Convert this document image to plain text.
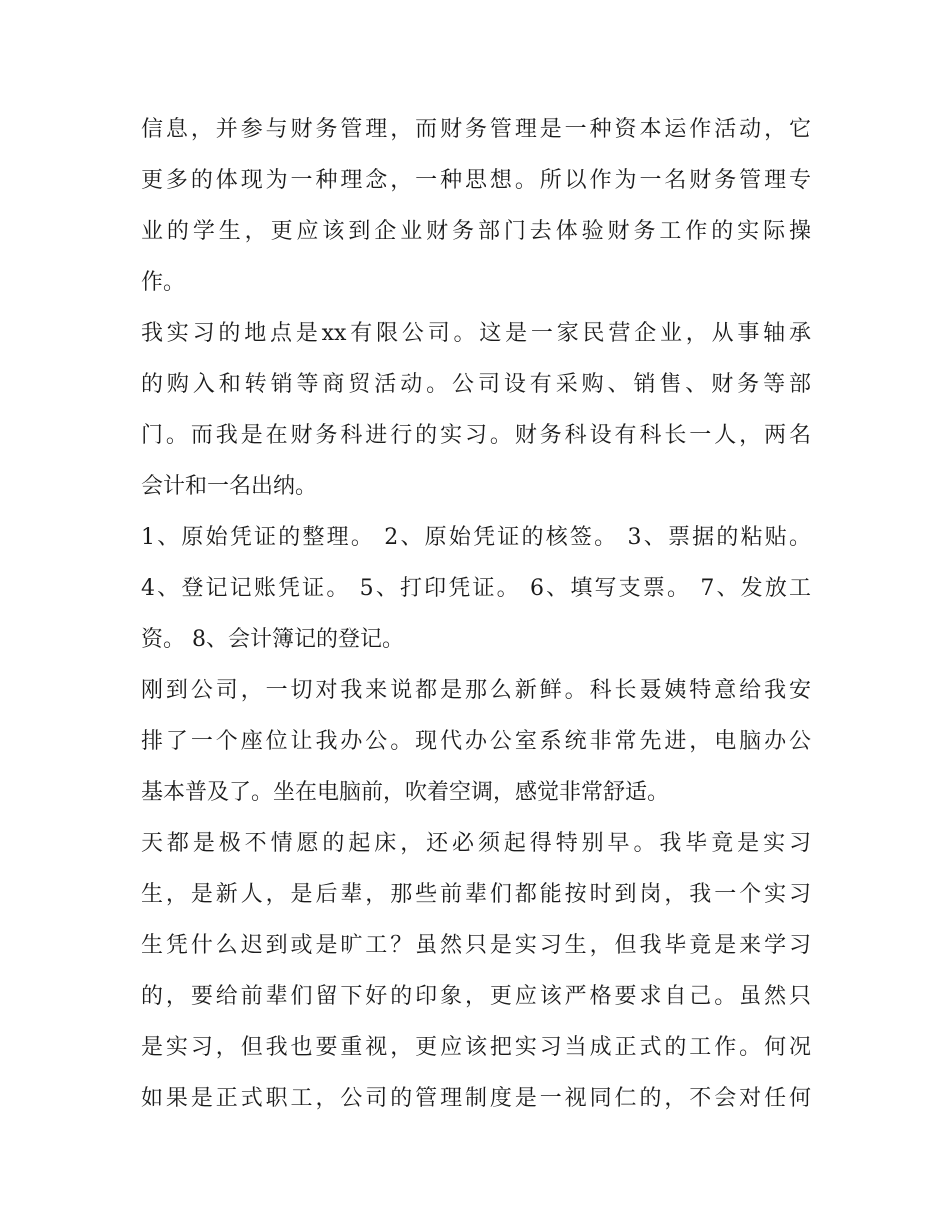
信息，并参与财务管理，而财务管理是一种资本运作活动，它
更多的体现为一种理念，一种思想。所以作为一名财务管理专
业的学生，更应该到企业财务部门去体验财务工作的实际操
作。
我实习的地点是xx有限公司。这是一家民营企业，从事轴承
的购入和转销等商贸活动。公司设有采购、销售、财务等部
门。而我是在财务科进行的实习。财务科设有科长一人，两名
会计和一名出纳。
1、原始凭证的整理。 2、原始凭证的核签。 3、票据的粘贴。
4、登记记账凭证。 5、打印凭证。 6、填写支票。 7、发放工
资。 8、会计簿记的登记。
刚到公司，一切对我来说都是那么新鲜。科长聂姨特意给我安
排了一个座位让我办公。现代办公室系统非常先进，电脑办公
基本普及了。坐在电脑前，吹着空调，感觉非常舒适。
天都是极不情愿的起床，还必须起得特别早。我毕竟是实习
生，是新人，是后辈，那些前辈们都能按时到岗，我一个实习
生凭什么迟到或是旷工？虽然只是实习生，但我毕竟是来学习
的，要给前辈们留下好的印象，更应该严格要求自己。虽然只
是实习，但我也要重视，更应该把实习当成正式的工作。何况
如果是正式职工，公司的管理制度是一视同仁的，不会对任何
